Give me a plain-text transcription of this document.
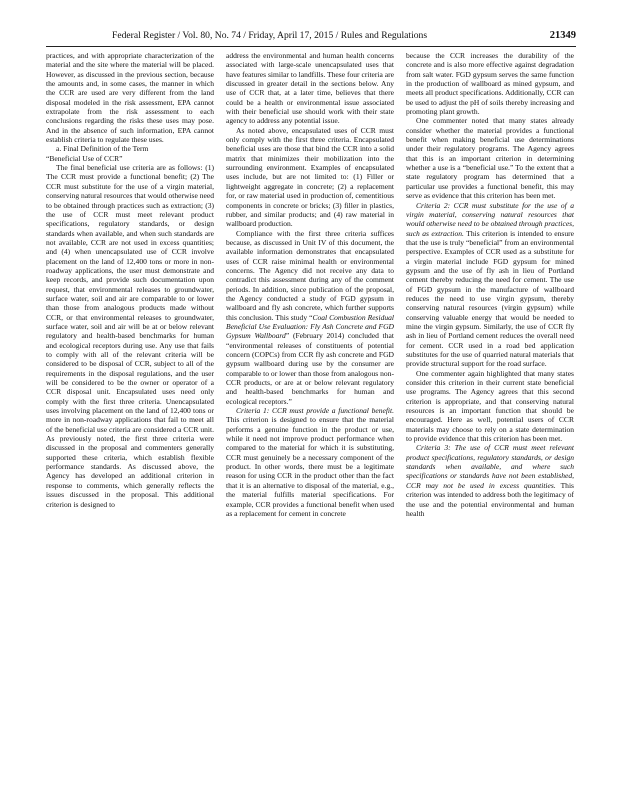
Federal Register / Vol. 80, No. 74 / Friday, April 17, 2015 / Rules and Regulations	21349

practices, and with appropriate characterization of the material and the site where the material will be placed. However, as discussed in the previous section, because the amounts and, in some cases, the manner in which the CCR are used are very different from the land disposal modeled in the risk assessment, EPA cannot extrapolate from the risk assessment to each conclusions regarding the risks these uses may pose. And in the absence of such information, EPA cannot establish criteria to regulate these uses.

a. Final Definition of the Term

“Beneficial Use of CCR”

The final beneficial use criteria are as follows: (1) The CCR must provide a functional benefit; (2) The CCR must substitute for the use of a virgin material, conserving natural resources that would otherwise need to be obtained through practices such as extraction; (3) the use of CCR must meet relevant product specifications, regulatory standards, or design standards when available, and when such standards are not available, CCR are not used in excess quantities; and (4) when unencapsulated use of CCR involve placement on the land of 12,400 tons or more in non-roadway applications, the user must demonstrate and keep records, and provide such documentation upon request, that environmental releases to groundwater, surface water, soil and air are comparable to or lower than those from analogous products made without CCR, or that environmental releases to groundwater, surface water, soil and air will be at or below relevant regulatory and health-based benchmarks for human and ecological receptors during use. Any use that fails to comply with all of the relevant criteria will be considered to be disposal of CCR, subject to all of the requirements in the disposal regulations, and the user will be considered to be the owner or operator of a CCR disposal unit. Encapsulated uses need only comply with the first three criteria. Unencapsulated uses involving placement on the land of 12,400 tons or more in non-roadway applications that fail to meet all of the beneficial use criteria are considered a CCR unit. As previously noted, the first three criteria were discussed in the proposal and commenters generally supported these criteria, which establish flexible performance standards. As discussed above, the Agency has developed an additional criterion in response to comments, which generally reflects the issues discussed in the proposal. This additional criterion is designed to

address the environmental and human health concerns associated with large-scale unencapsulated uses that have features similar to landfills. These four criteria are discussed in greater detail in the sections below. Any use of CCR that, at a later time, believes that there could be a health or environmental issue associated with their beneficial use should work with their state agency to address any potential issue.

As noted above, encapsulated uses of CCR must only comply with the first three criteria. Encapsulated beneficial uses are those that bind the CCR into a solid matrix that minimizes their mobilization into the surrounding environment. Examples of encapsulated uses include, but are not limited to: (1) Filler or lightweight aggregate in concrete; (2) a replacement for, or raw material used in production of, cementitious components in concrete or bricks; (3) filler in plastics, rubber, and similar products; and (4) raw material in wallboard production.

Compliance with the first three criteria suffices because, as discussed in Unit IV of this document, the available information demonstrates that encapsulated uses of CCR raise minimal health or environmental concerns. The Agency did not receive any data to contradict this assessment during any of the comment periods. In addition, since publication of the proposal, the Agency conducted a study of FGD gypsum in wallboard and fly ash concrete, which further supports this conclusion. This study “Coal Combustion Residual Beneficial Use Evaluation: Fly Ash Concrete and FGD Gypsum Wallboard” (February 2014) concluded that “environmental releases of constituents of potential concern (COPCs) from CCR fly ash concrete and FGD gypsum wallboard during use by the consumer are comparable to or lower than those from analogous non-CCR products, or are at or below relevant regulatory and health-based benchmarks for human and ecological receptors.”

Criteria 1: CCR must provide a functional benefit. This criterion is designed to ensure that the material performs a genuine function in the product or use, while it need not improve product performance when compared to the material for which it is substituting, CCR must genuinely be a necessary component of the product. In other words, there must be a legitimate reason for using CCR in the product other than the fact that it is an alternative to disposal of the material, e.g., the material fulfills material specifications. For example, CCR provides a functional benefit when used as a replacement for cement in concrete

because the CCR increases the durability of the concrete and is also more effective against degradation from salt water. FGD gypsum serves the same function in the production of wallboard as mined gypsum, and meets all product specifications. Additionally, CCR can be used to adjust the pH of soils thereby increasing and promoting plant growth.

One commenter noted that many states already consider whether the material provides a functional benefit when making beneficial use determinations under their regulatory programs. The Agency agrees that this is an important criterion in determining whether a use is a “beneficial use.” To the extent that a state regulatory program has determined that a particular use provides a functional benefit, this may serve as evidence that this criterion has been met.

Criteria 2: CCR must substitute for the use of a virgin material, conserving natural resources that would otherwise need to be obtained through practices, such as extraction. This criterion is intended to ensure that the use is truly “beneficial” from an environmental perspective. Examples of CCR used as a substitute for a virgin material include FGD gypsum for mined gypsum and the use of fly ash in lieu of Portland cement thereby reducing the need for cement. The use of FGD gypsum in the manufacture of wallboard reduces the need to use virgin gypsum, thereby conserving natural resources (virgin gypsum) while conserving valuable energy that would be needed to mine the virgin gypsum. Similarly, the use of CCR fly ash in lieu of Portland cement reduces the overall need for cement. CCR used in a road bed application substitutes for the use of quarried natural materials that provide structural support for the road surface.

One commenter again highlighted that many states consider this criterion in their current state beneficial use programs. The Agency agrees that this second criterion is appropriate, and that conserving natural resources is an important function that should be encouraged. Here as well, potential users of CCR materials may choose to rely on a state determination to provide evidence that this criterion has been met.

Criteria 3: The use of CCR must meet relevant product specifications, regulatory standards, or design standards when available, and where such specifications or standards have not been established, CCR may not be used in excess quantities. This criterion was intended to address both the legitimacy of the use and the potential environmental and human health
